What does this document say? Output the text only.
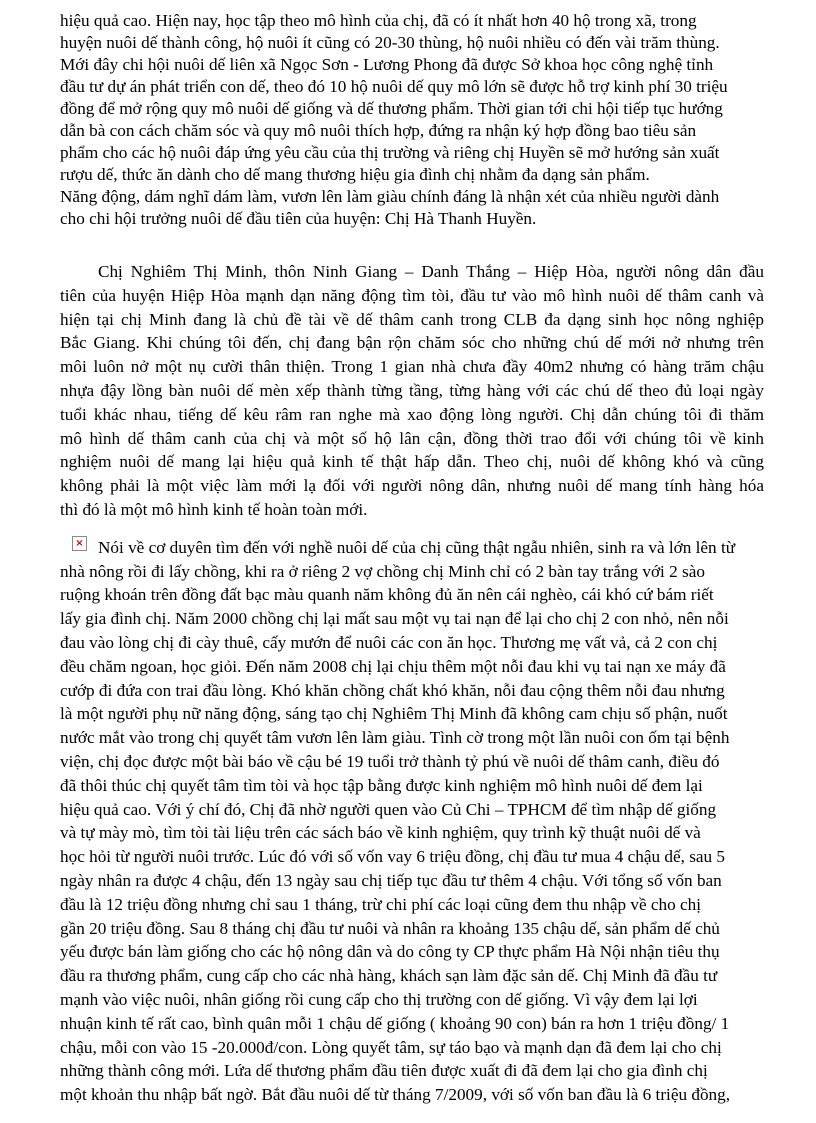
hiệu quả cao. Hiện nay, học tập theo mô hình của chị, đã có ít nhất hơn 40 hộ trong xã, trong
huyện nuôi dế thành công, hộ nuôi ít cũng có 20-30 thùng, hộ nuôi nhiều có đến vài trăm thùng.
Mới đây chi hội nuôi dế liên xã Ngọc Sơn - Lương Phong đã được Sở khoa học công nghệ tỉnh
đầu tư dự án phát triển con dế, theo đó 10 hộ nuôi dế quy mô lớn sẽ được hỗ trợ kinh phí 30 triệu
đồng để mở rộng quy mô nuôi dế giống và dế thương phẩm. Thời gian tới chi hội tiếp tục hướng
dẫn bà con cách chăm sóc và quy mô nuôi thích hợp, đứng ra nhận ký hợp đồng bao tiêu sản
phẩm cho các hộ nuôi đáp ứng yêu cầu của thị trường và riêng chị Huyền sẽ mở hướng sản xuất
rượu dế, thức ăn dành cho dế mang thương hiệu gia đình chị nhằm đa dạng sản phẩm.
Năng động, dám nghĩ dám làm, vươn lên làm giàu chính đáng là nhận xét của nhiều người dành
cho chi hội trưởng nuôi dế đầu tiên của huyện: Chị Hà Thanh Huyền.
Chị Nghiêm Thị Minh, thôn Ninh Giang – Danh Thắng – Hiệp Hòa, người nông dân đầu
tiên của huyện Hiệp Hòa mạnh dạn năng động tìm tòi, đầu tư vào mô hình nuôi dế thâm canh và
hiện tại chị Minh đang là chủ đề tài về dế thâm canh trong CLB đa dạng sinh học nông nghiệp
Bắc Giang. Khi chúng tôi đến, chị đang bận rộn chăm sóc cho những chú dế mới nở nhưng trên
môi luôn nở một nụ cười thân thiện. Trong 1 gian nhà chưa đầy 40m2 nhưng có hàng trăm chậu
nhựa đậy lồng bàn nuôi dế mèn xếp thành từng tầng, từng hàng với các chú dế theo đủ loại ngày
tuổi khác nhau, tiếng dế kêu râm ran nghe mà xao động lòng người. Chị dẫn chúng tôi đi thăm
mô hình dế thâm canh của chị và một số hộ lân cận, đồng thời trao đổi với chúng tôi về kinh
nghiệm nuôi dế mang lại hiệu quả kinh tế thật hấp dẫn. Theo chị, nuôi dế không khó và cũng
không phải là một việc làm mới lạ đối với người nông dân, nhưng nuôi dế mang tính hàng hóa
thì đó là một mô hình kinh tế hoàn toàn mới.
× Nói về cơ duyên tìm đến với nghề nuôi dế của chị cũng thật ngẫu nhiên, sinh ra và lớn lên từ
nhà nông rồi đi lấy chồng, khi ra ở riêng 2 vợ chồng chị Minh chỉ có 2 bàn tay trắng với 2 sào
ruộng khoán trên đồng đất bạc màu quanh năm không đủ ăn nên cái nghèo, cái khó cứ bám riết
lấy gia đình chị. Năm 2000 chồng chị lại mất sau một vụ tai nạn để lại cho chị 2 con nhỏ, nên nỗi
đau vào lòng chị đi cày thuê, cấy mướn để nuôi các con ăn học. Thương mẹ vất vả, cả 2 con chị
đều chăm ngoan, học giỏi. Đến năm 2008 chị lại chịu thêm một nỗi đau khi vụ tai nạn xe máy đã
cướp đi đứa con trai đầu lòng. Khó khăn chồng chất khó khăn, nỗi đau cộng thêm nỗi đau nhưng
là một người phụ nữ năng động, sáng tạo chị Nghiêm Thị Minh đã không cam chịu số phận, nuốt
nước mắt vào trong chị quyết tâm vươn lên làm giàu. Tình cờ trong một lần nuôi con ốm tại bệnh
viện, chị đọc được một bài báo về cậu bé 19 tuổi trở thành tỷ phú về nuôi dế thâm canh, điều đó
đã thôi thúc chị quyết tâm tìm tòi và học tập bằng được kinh nghiệm mô hình nuôi dế đem lại
hiệu quả cao. Với ý chí đó, Chị đã nhờ người quen vào Củ Chi – TPHCM để tìm nhập dế giống
và tự mày mò, tìm tòi tài liệu trên các sách báo về kinh nghiệm, quy trình kỹ thuật nuôi dế và
học hỏi từ người nuôi trước. Lúc đó với số vốn vay 6 triệu đồng, chị đầu tư mua 4 chậu dế, sau 5
ngày nhân ra được 4 chậu, đến 13 ngày sau chị tiếp tục đầu tư thêm 4 chậu. Với tổng số vốn ban
đầu là 12 triệu đồng nhưng chỉ sau 1 tháng, trừ chi phí các loại cũng đem thu nhập về cho chị
gần 20 triệu đồng. Sau 8 tháng chị đầu tư nuôi và nhân ra khoảng 135 chậu dế, sản phẩm dế chủ
yếu được bán làm giống cho các hộ nông dân và do công ty CP thực phẩm Hà Nội nhận tiêu thụ
đầu ra thương phẩm, cung cấp cho các nhà hàng, khách sạn làm đặc sản dế. Chị Minh đã đầu tư
mạnh vào việc nuôi, nhân giống rồi cung cấp cho thị trường con dế giống. Vì vậy đem lại lợi
nhuận kinh tế rất cao, bình quân mỗi 1 chậu dế giống ( khoảng 90 con) bán ra hơn 1 triệu đồng/ 1
chậu, mỗi con vào 15 -20.000đ/con. Lòng quyết tâm, sự táo bạo và mạnh dạn đã đem lại cho chị
những thành công mới. Lứa dế thương phẩm đầu tiên được xuất đi đã đem lại cho gia đình chị
một khoản thu nhập bất ngờ. Bắt đầu nuôi dế từ tháng 7/2009, với số vốn ban đầu là 6 triệu đồng,
